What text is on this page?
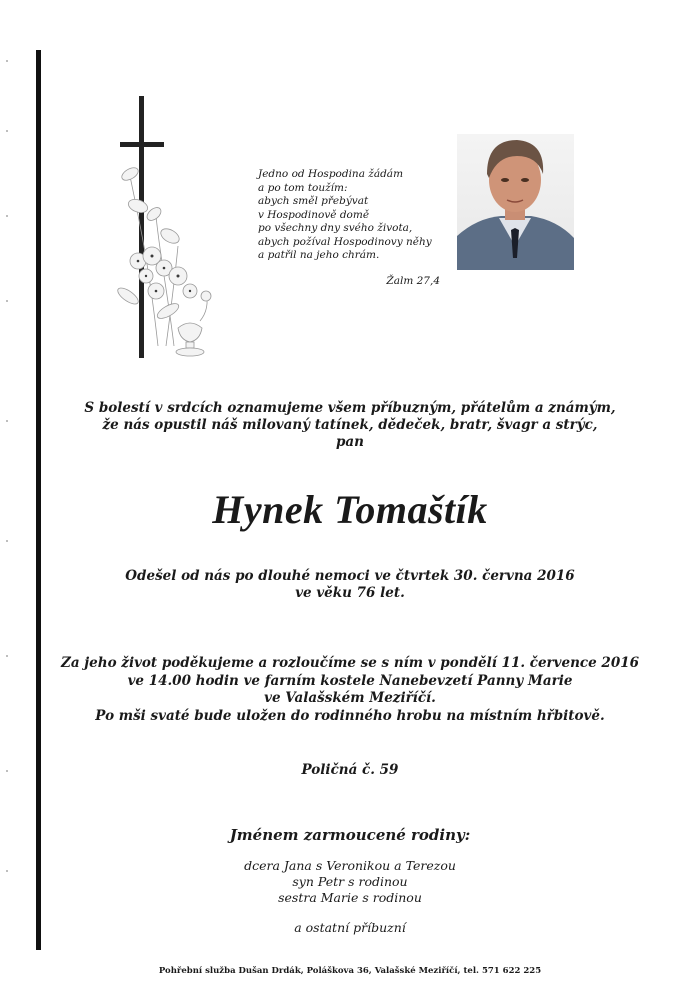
Jedno od Hospodina žádám
a po tom toužím:
abych směl přebývat
v Hospodinově domě
po všechny dny svého života,
abych požíval Hospodinovy něhy
a patřil na jeho chrám.
Žalm 27,4
S bolestí v srdcích oznamujeme všem příbuzným, přátelům a známým,
že nás opustil náš milovaný tatínek, dědeček, bratr, švagr a strýc,
pan
Hynek Tomaštík
Odešel od nás po dlouhé nemoci ve čtvrtek 30. června 2016
ve věku 76 let.
Za jeho život poděkujeme a rozloučíme se s ním v pondělí 11. července 2016
ve 14.00 hodin ve farním kostele Nanebevzetí Panny Marie
ve Valašském Meziříčí.
Po mši svaté bude uložen do rodinného hrobu na místním hřbitově.
Poličná č. 59
Jménem zarmoucené rodiny:
dcera Jana s Veronikou a Terezou
syn Petr s rodinou
sestra Marie s rodinou
a ostatní příbuzní
Pohřební služba Dušan Drdák, Poláškova 36, Valašské Meziříčí, tel. 571 622 225
